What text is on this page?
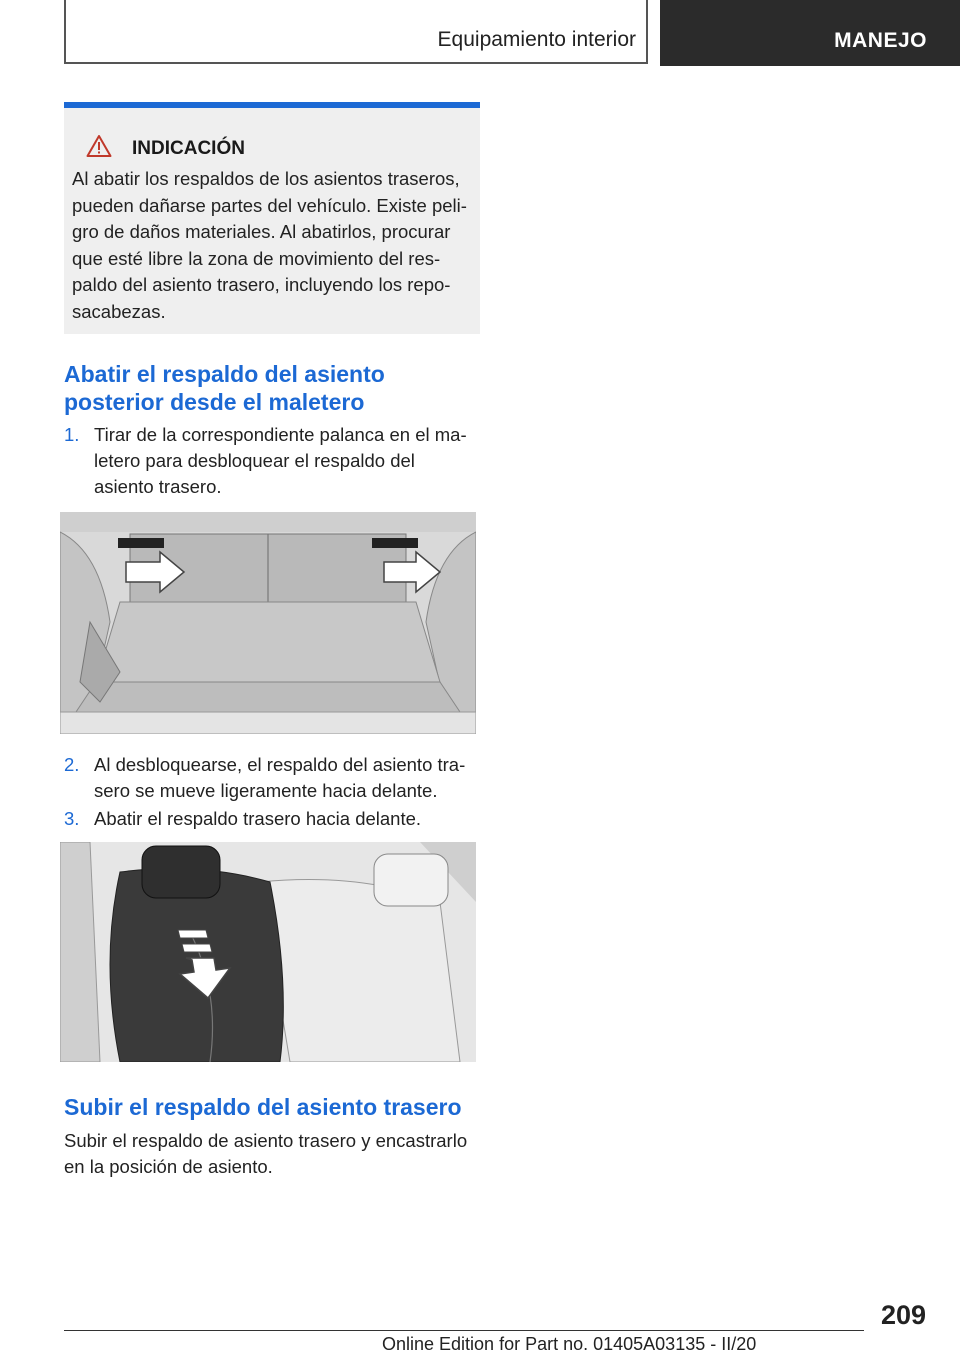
Equipamiento interior	MANEJO
INDICACIÓN
Al abatir los respaldos de los asientos traseros,
pueden dañarse partes del vehículo. Existe peli‐
gro de daños materiales. Al abatirlos, procurar
que esté libre la zona de movimiento del res‐
paldo del asiento trasero, incluyendo los repo‐
sacabezas.
Abatir el respaldo del asiento
posterior desde el maletero
1. Tirar de la correspondiente palanca en el ma‐
letero para desbloquear el respaldo del
asiento trasero.
2. Al desbloquearse, el respaldo del asiento tra‐
sero se mueve ligeramente hacia delante.
3. Abatir el respaldo trasero hacia delante.
Subir el respaldo del asiento trasero
Subir el respaldo de asiento trasero y encastrarlo
en la posición de asiento.
209
Online Edition for Part no. 01405A03135 - II/20
